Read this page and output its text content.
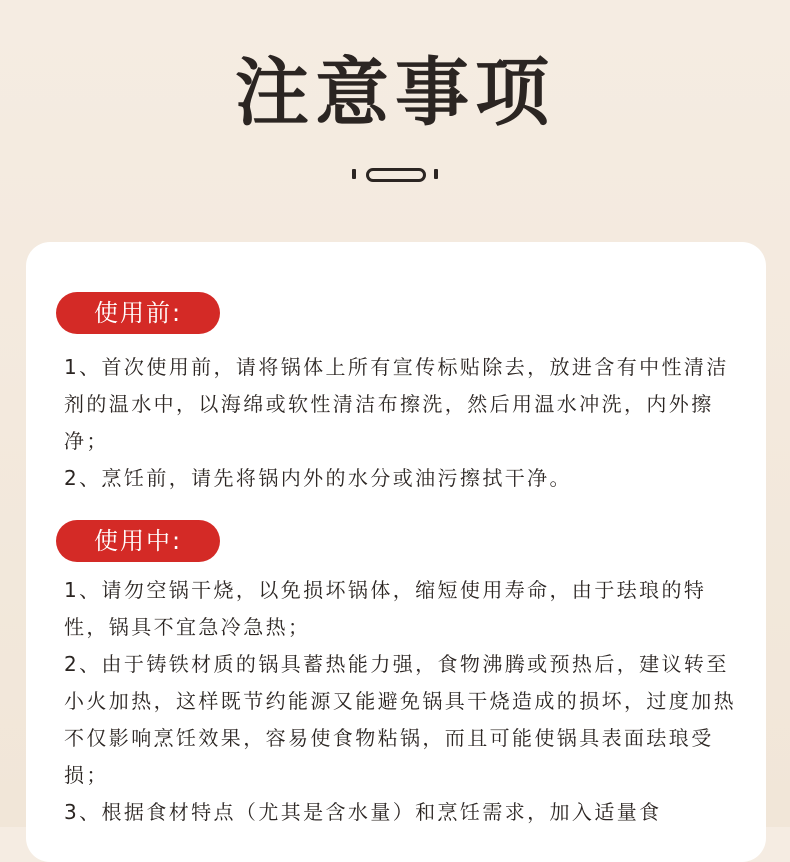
注意事项
使用前:

1、首次使用前，请将锅体上所有宣传标贴除去，放进含有中性清洁剂的温水中，以海绵或软性清洁布擦洗，然后用温水冲洗，内外擦净；

2、烹饪前，请先将锅内外的水分或油污擦拭干净。

使用中:

1、请勿空锅干烧，以免损坏锅体，缩短使用寿命，由于珐琅的特性，锅具不宜急冷急热；

2、由于铸铁材质的锅具蓄热能力强，食物沸腾或预热后，建议转至小火加热，这样既节约能源又能避免锅具干烧造成的损坏，过度加热不仅影响烹饪效果，容易使食物粘锅，而且可能使锅具表面珐琅受损；

3、根据食材特点（尤其是含水量）和烹饪需求，加入适量食
